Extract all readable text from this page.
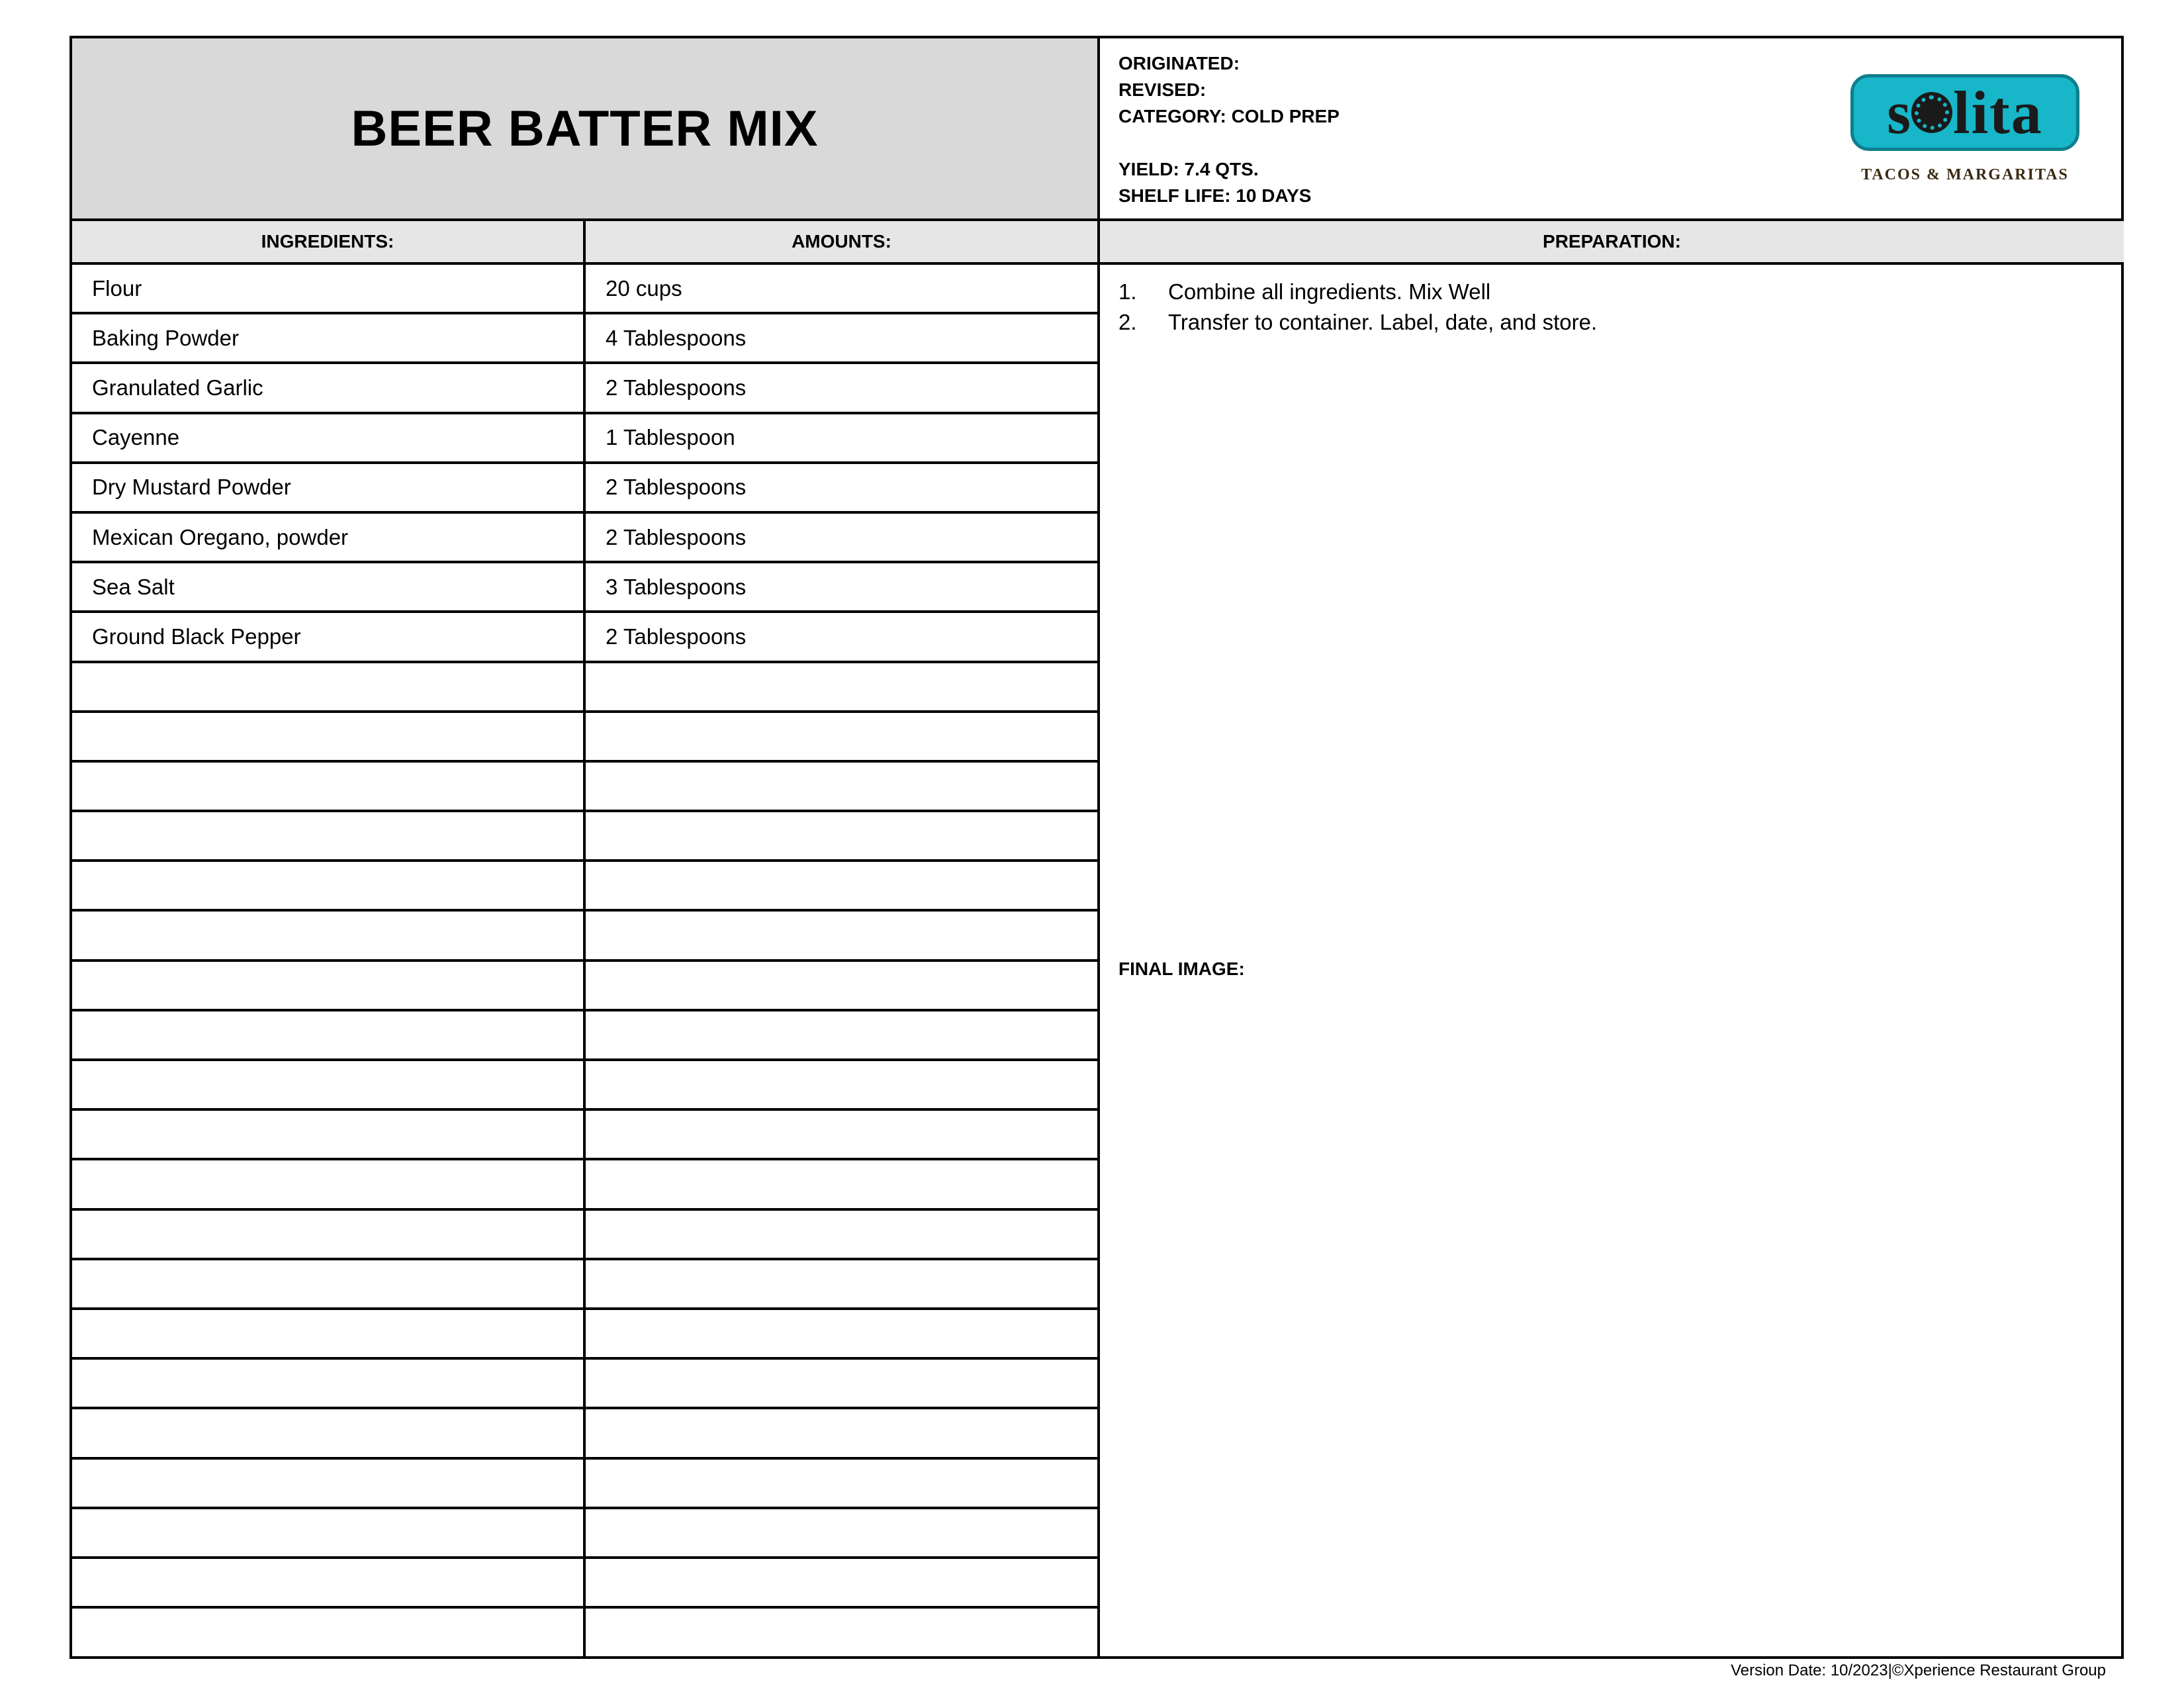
BEER BATTER MIX
ORIGINATED:
REVISED:
CATEGORY: COLD PREP
YIELD: 7.4 QTS.
SHELF LIFE: 10 DAYS
s lita
TACOS & MARGARITAS
INGREDIENTS:	AMOUNTS:	PREPARATION:
Flour	20 cups
Baking Powder	4 Tablespoons
Granulated Garlic	2 Tablespoons
Cayenne	1 Tablespoon
Dry Mustard Powder	2 Tablespoons
Mexican Oregano, powder	2 Tablespoons
Sea Salt	3 Tablespoons
Ground Black Pepper	2 Tablespoons
1.	Combine all ingredients. Mix Well
2.	Transfer to container. Label, date, and store.
FINAL IMAGE:
Version Date: 10/2023|©Xperience Restaurant Group
